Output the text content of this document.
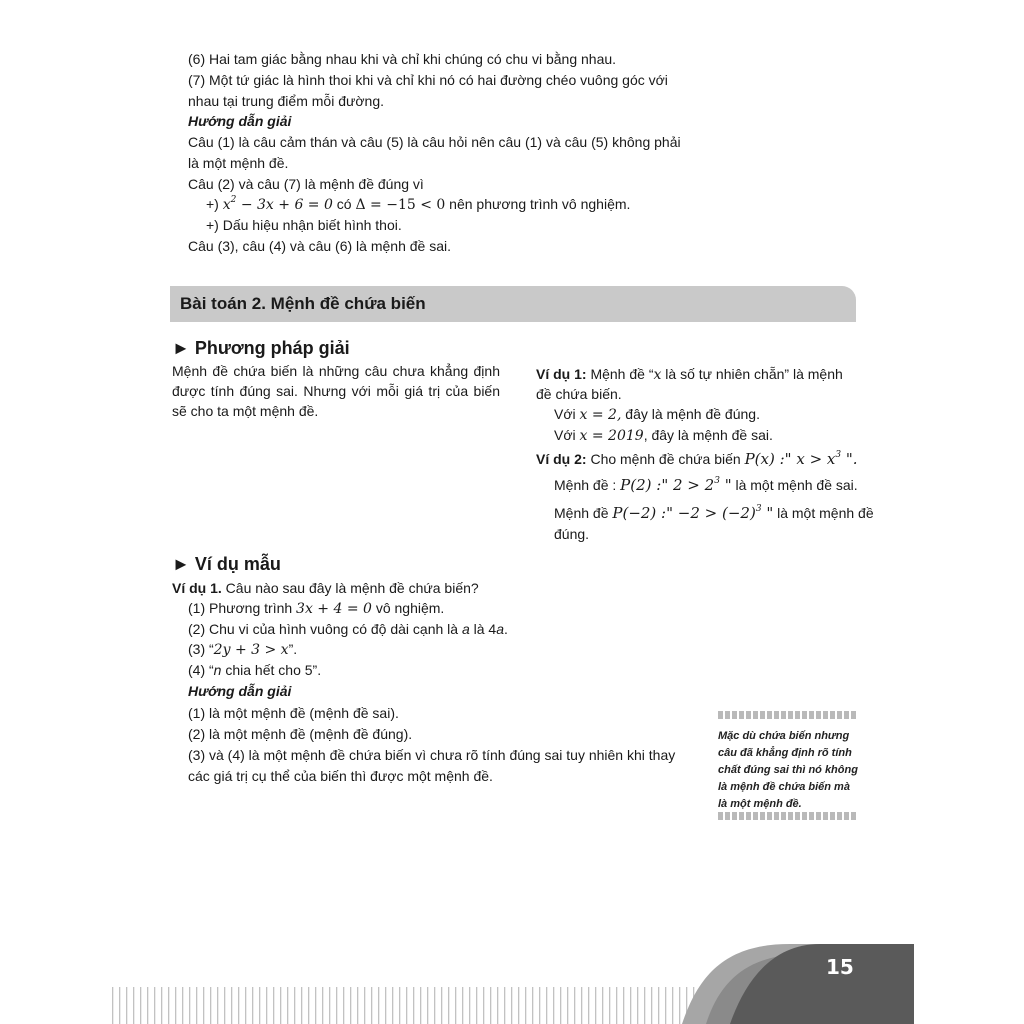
(6) Hai tam giác bằng nhau khi và chỉ khi chúng có chu vi bằng nhau.
(7) Một tứ giác là hình thoi khi và chỉ khi nó có hai đường chéo vuông góc với
nhau tại trung điểm mỗi đường.
Hướng dẫn giải
Câu (1) là câu cảm thán và câu (5) là câu hỏi nên câu (1) và câu (5) không phải
là một mệnh đề.
Câu (2) và câu (7) là mệnh đề đúng vì
+) $x^2 - 3x + 6 = 0$ có Δ = −15 < 0 nên phương trình vô nghiệm.
+) Dấu hiệu nhận biết hình thoi.
Câu (3), câu (4) và câu (6) là mệnh đề sai.
Bài toán 2. Mệnh đề chứa biến
► Phương pháp giải
Mệnh đề chứa biến là những câu chưa khẳng định được tính đúng sai. Nhưng với mỗi giá trị của biến sẽ cho ta một mệnh đề.
Ví dụ 1: Mệnh đề “x là số tự nhiên chẵn” là mệnh
đề chứa biến.
Với x = 2, đây là mệnh đề đúng.
Với x = 2019, đây là mệnh đề sai.
Ví dụ 2: Cho mệnh đề chứa biến P(x) :" $x > x^3$ ".
Mệnh đề : P(2) :" $2 > 2^3$ " là một mệnh đề sai.
Mệnh đề P(−2) :" $-2 > (-2)^3$ " là một mệnh đề
đúng.
► Ví dụ mẫu
Ví dụ 1. Câu nào sau đây là mệnh đề chứa biến?
(1) Phương trình 3x + 4 = 0 vô nghiệm.
(2) Chu vi của hình vuông có độ dài cạnh là a là 4a.
(3) “2y + 3 > x”.
(4) “n chia hết cho 5”.
Hướng dẫn giải
(1) là một mệnh đề (mệnh đề sai).
(2) là một mệnh đề (mệnh đề đúng).
(3) và (4) là một mệnh đề chứa biến vì chưa rõ tính đúng sai tuy nhiên khi thay
các giá trị cụ thể của biến thì được một mệnh đề.
Mặc dù chứa biến nhưng câu đã khẳng định rõ tính chất đúng sai thì nó không là mệnh đề chứa biến mà là một mệnh đề.
15
